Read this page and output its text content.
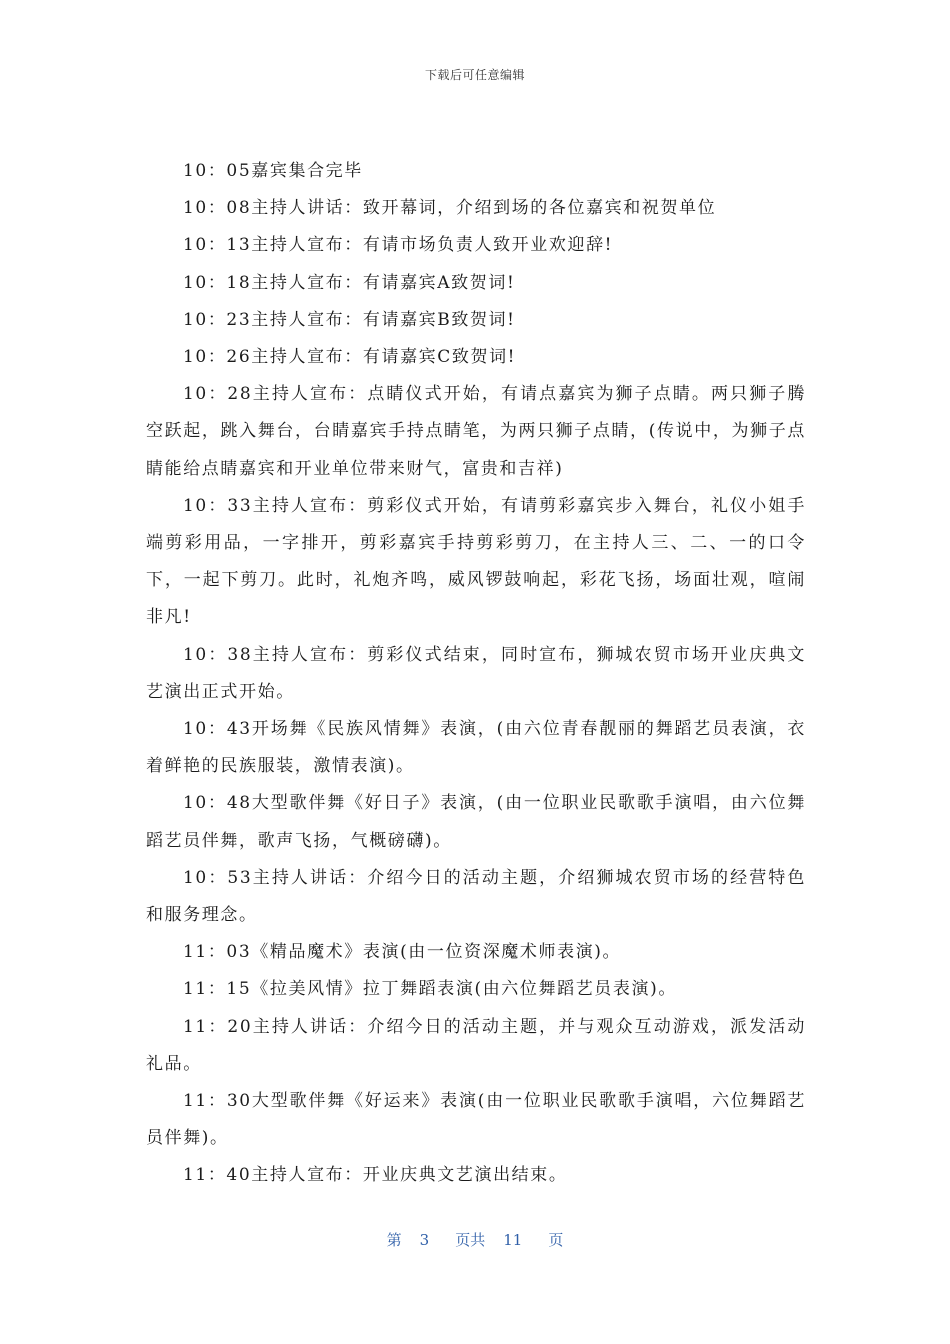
下载后可任意编辑

10：05嘉宾集合完毕

10：08主持人讲话：致开幕词，介绍到场的各位嘉宾和祝贺单位

10：13主持人宣布：有请市场负责人致开业欢迎辞!

10：18主持人宣布：有请嘉宾A致贺词!

10：23主持人宣布：有请嘉宾B致贺词!

10：26主持人宣布：有请嘉宾C致贺词!

10：28主持人宣布：点睛仪式开始，有请点嘉宾为狮子点睛。两只狮子腾空跃起，跳入舞台，台睛嘉宾手持点睛笔，为两只狮子点睛，(传说中，为狮子点睛能给点睛嘉宾和开业单位带来财气，富贵和吉祥)

10：33主持人宣布：剪彩仪式开始，有请剪彩嘉宾步入舞台，礼仪小姐手端剪彩用品，一字排开，剪彩嘉宾手持剪彩剪刀，在主持人三、二、一的口令下，一起下剪刀。此时，礼炮齐鸣，威风锣鼓响起，彩花飞扬，场面壮观，喧闹非凡!

10：38主持人宣布：剪彩仪式结束，同时宣布，狮城农贸市场开业庆典文艺演出正式开始。

10：43开场舞《民族风情舞》表演，(由六位青春靓丽的舞蹈艺员表演，衣着鲜艳的民族服装，激情表演)。

10：48大型歌伴舞《好日子》表演，(由一位职业民歌歌手演唱，由六位舞蹈艺员伴舞，歌声飞扬，气概磅礴)。

10：53主持人讲话：介绍今日的活动主题，介绍狮城农贸市场的经营特色和服务理念。

11：03《精品魔术》表演(由一位资深魔术师表演)。

11：15《拉美风情》拉丁舞蹈表演(由六位舞蹈艺员表演)。

11：20主持人讲话：介绍今日的活动主题，并与观众互动游戏，派发活动礼品。

11：30大型歌伴舞《好运来》表演(由一位职业民歌歌手演唱，六位舞蹈艺员伴舞)。

11：40主持人宣布：开业庆典文艺演出结束。

第 3 页共 11 页
